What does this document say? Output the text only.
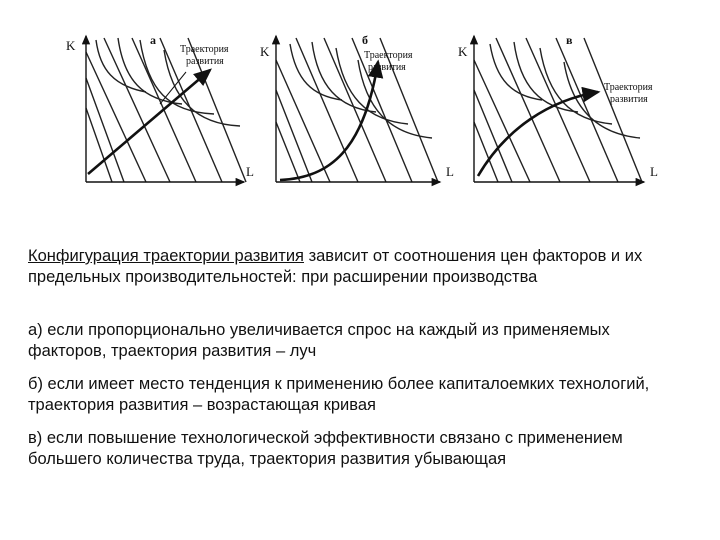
K
L
а
Траектория
развития
K
L
б
Траектория
развития
K
L
в
Траектория
развития

Конфигурация траектории развития зависит от соотношения цен факторов и их предельных производительностей: при расширении производства

а) если пропорционально увеличивается спрос на каждый из применяемых факторов, траектория развития – луч

б) если имеет место тенденция к применению более капиталоемких технологий, траектория развития – возрастающая кривая

в) если повышение технологической эффективности связано с применением большего количества труда, траектория развития убывающая
